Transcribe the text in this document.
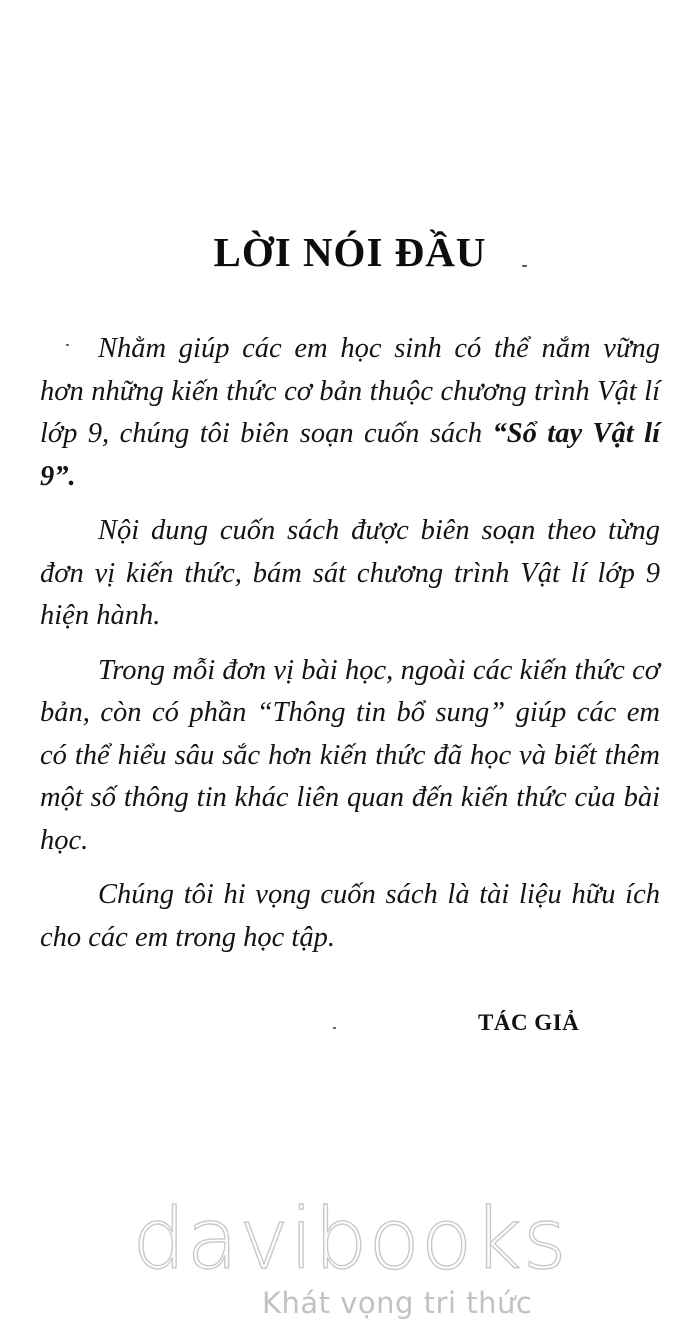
LỜI NÓI ĐẦU

Nhằm giúp các em học sinh có thể nắm vững hơn những kiến thức cơ bản thuộc chương trình Vật lí lớp 9, chúng tôi biên soạn cuốn sách “Sổ tay Vật lí 9”.

Nội dung cuốn sách được biên soạn theo từng đơn vị kiến thức, bám sát chương trình Vật lí lớp 9 hiện hành.

Trong mỗi đơn vị bài học, ngoài các kiến thức cơ bản, còn có phần “Thông tin bổ sung” giúp các em có thể hiểu sâu sắc hơn kiến thức đã học và biết thêm một số thông tin khác liên quan đến kiến thức của bài học.

Chúng tôi hi vọng cuốn sách là tài liệu hữu ích cho các em trong học tập.

TÁC GIẢ
davibooks
Khát vọng tri thức
